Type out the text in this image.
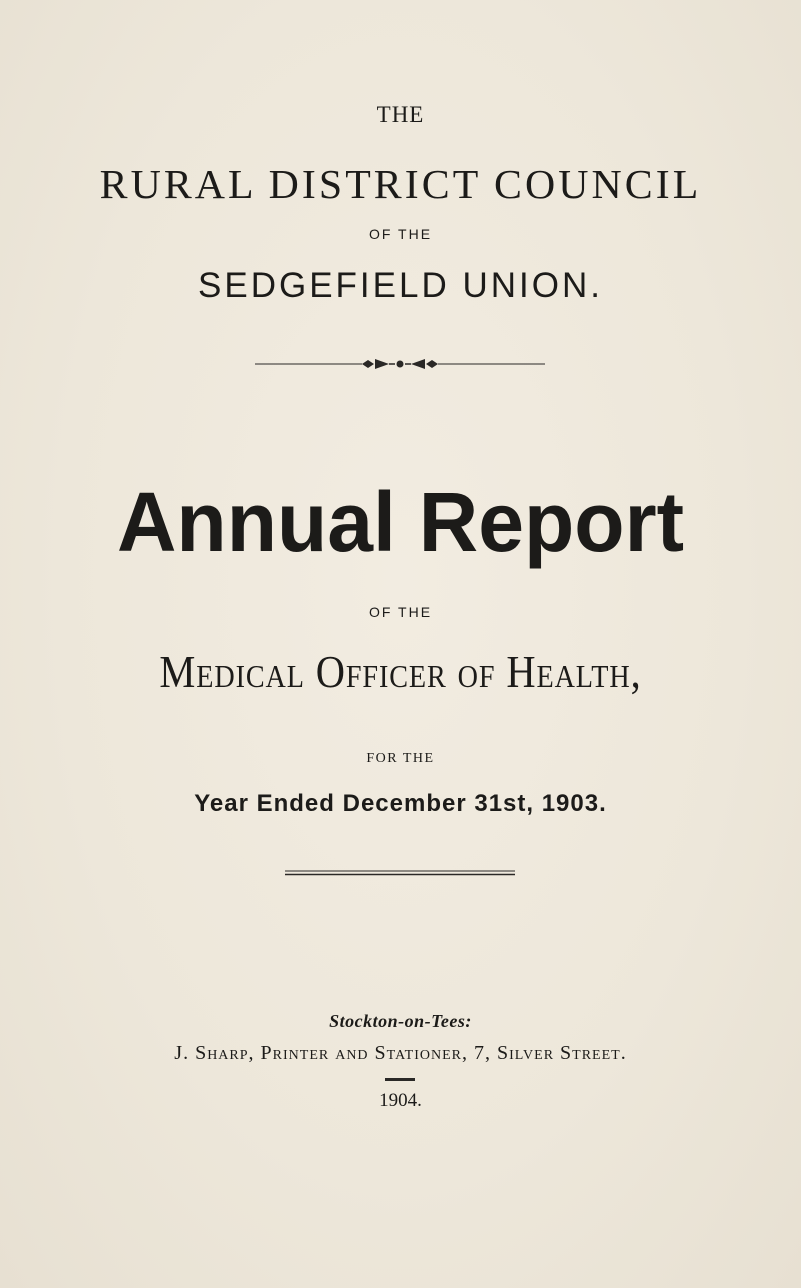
THE
RURAL DISTRICT COUNCIL
OF THE
SEDGEFIELD UNION.
Annual Report
OF THE
Medical Officer of Health,
FOR THE
Year Ended December 31st, 1903.
Stockton-on-Tees:
J. Sharp, Printer and Stationer, 7, Silver Street.
1904.
